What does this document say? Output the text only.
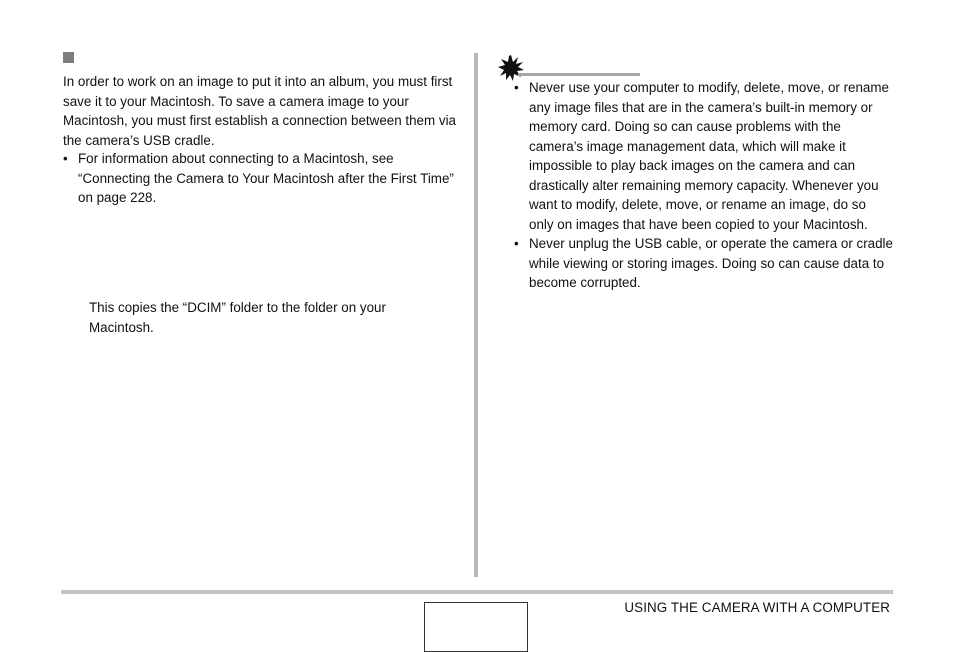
In order to work on an image to put it into an album, you must first save it to your Macintosh. To save a camera image to your Macintosh, you must first establish a connection between them via the camera’s USB cradle.

• For information about connecting to a Macintosh, see “Connecting the Camera to Your Macintosh after the First Time” on page 228.

This copies the “DCIM” folder to the folder on your Macintosh.

• Never use your computer to modify, delete, move, or rename any image files that are in the camera’s built-in memory or memory card. Doing so can cause problems with the camera’s image management data, which will make it impossible to play back images on the camera and can drastically alter remaining memory capacity. Whenever you want to modify, delete, move, or rename an image, do so only on images that have been copied to your Macintosh.
• Never unplug the USB cable, or operate the camera or cradle while viewing or storing images. Doing so can cause data to become corrupted.
USING THE CAMERA WITH A COMPUTER
